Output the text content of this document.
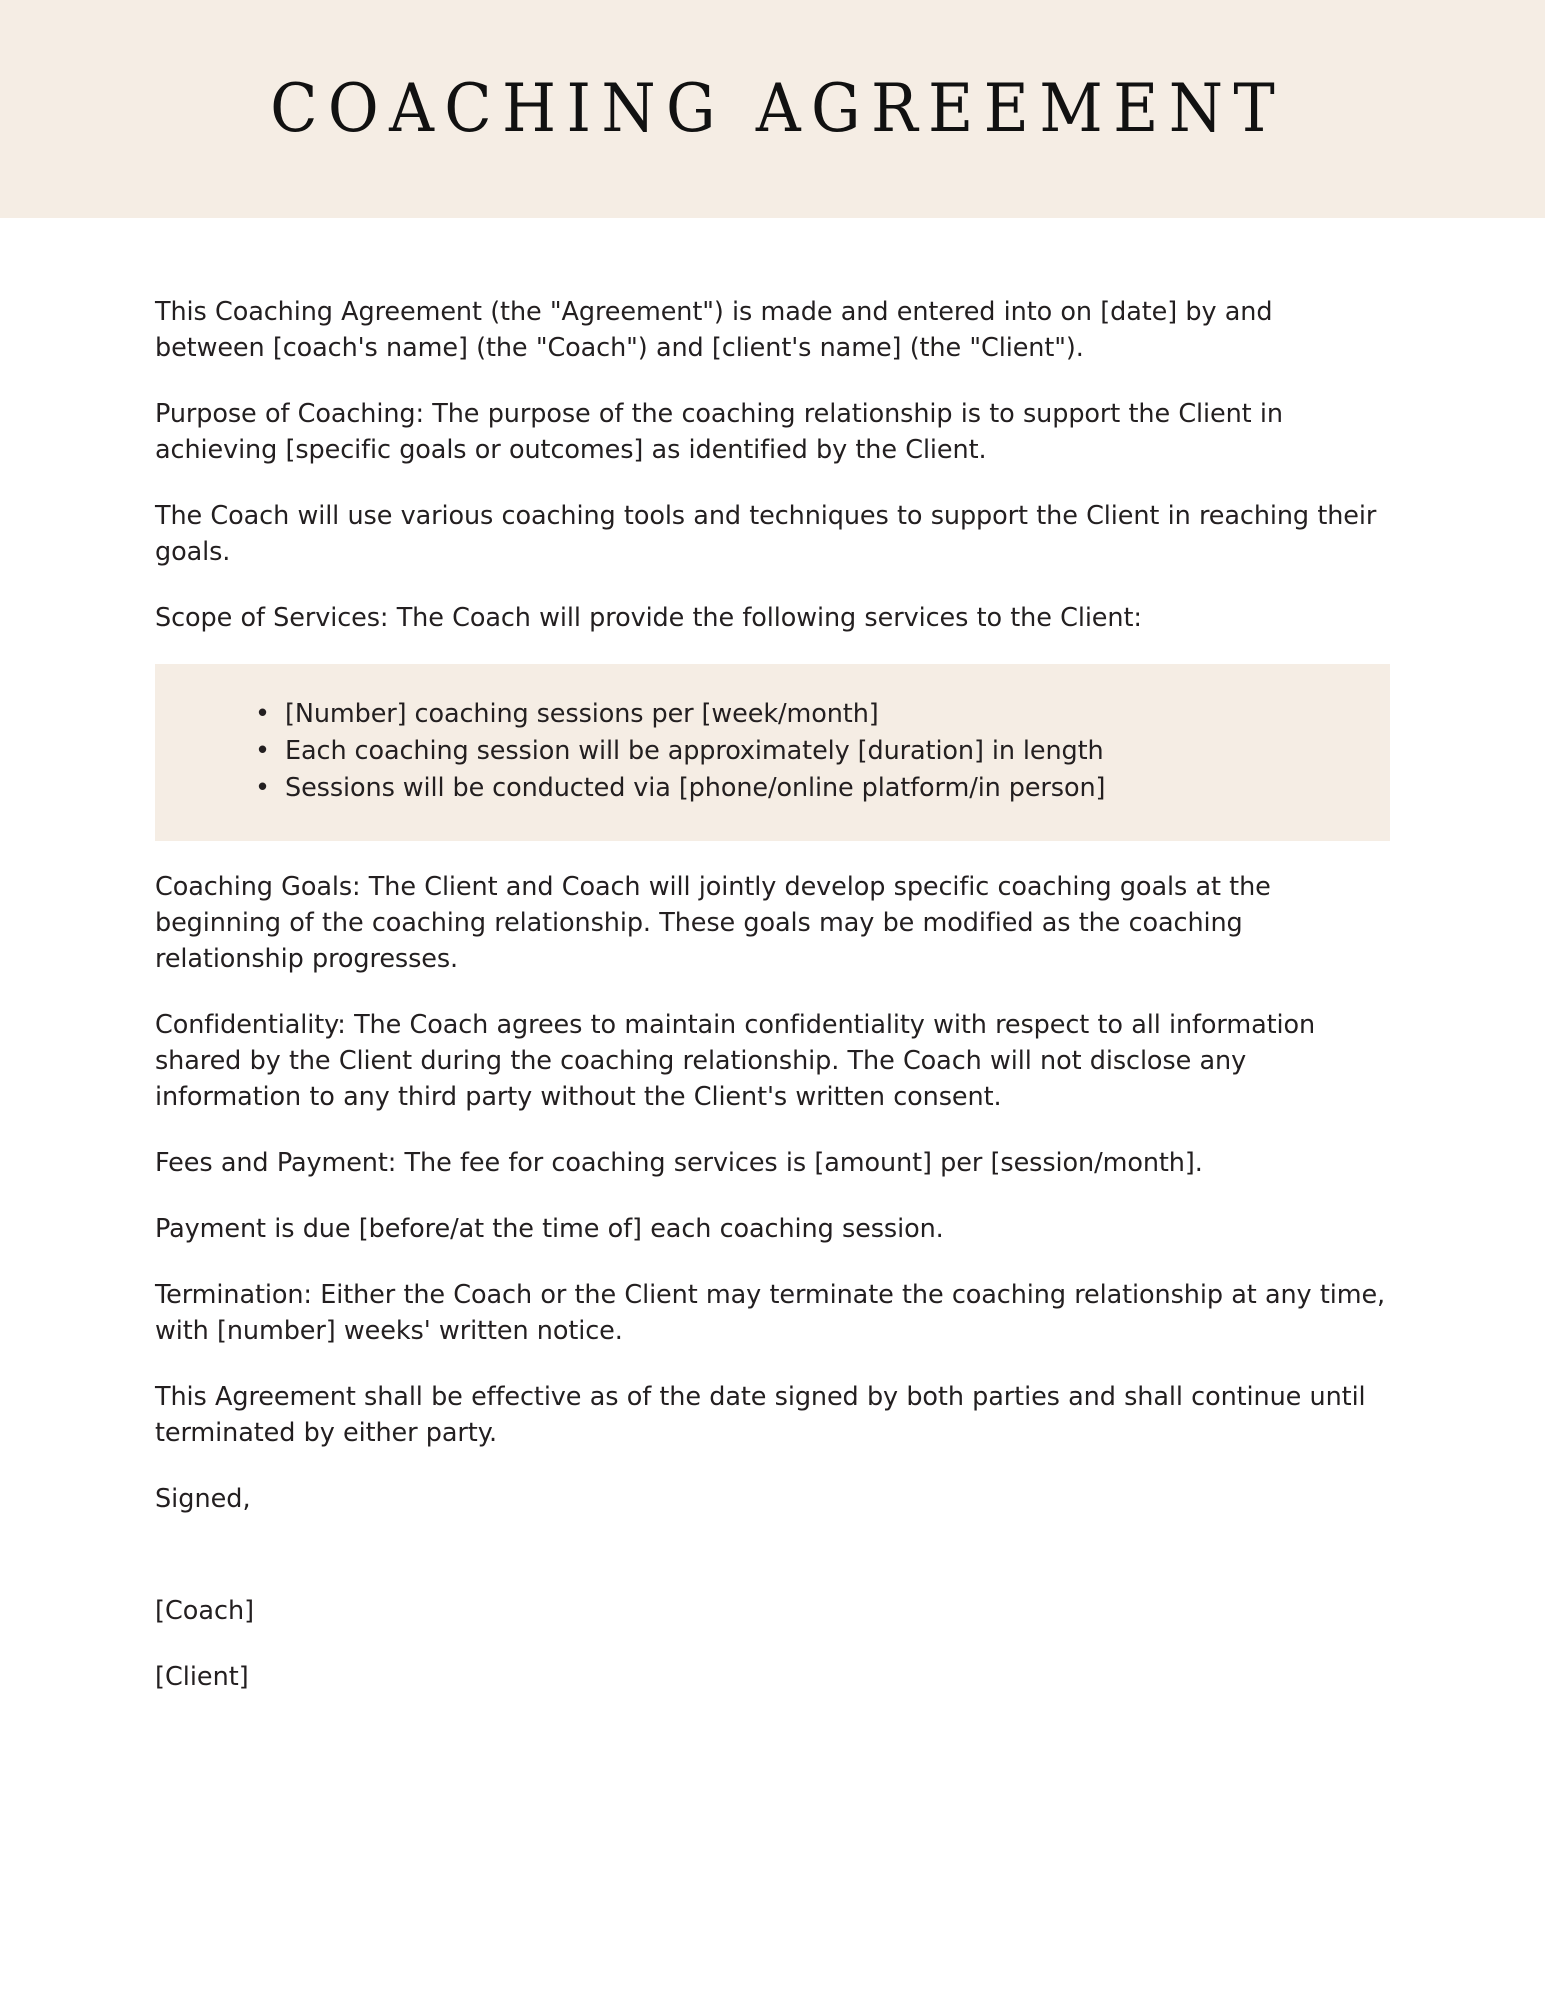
COACHING AGREEMENT

This Coaching Agreement (the "Agreement") is made and entered into on [date] by and between [coach's name] (the "Coach") and [client's name] (the "Client").

Purpose of Coaching: The purpose of the coaching relationship is to support the Client in achieving [specific goals or outcomes] as identified by the Client.

The Coach will use various coaching tools and techniques to support the Client in reaching their goals.

Scope of Services: The Coach will provide the following services to the Client:

• [Number] coaching sessions per [week/month]
• Each coaching session will be approximately [duration] in length
• Sessions will be conducted via [phone/online platform/in person]

Coaching Goals: The Client and Coach will jointly develop specific coaching goals at the beginning of the coaching relationship. These goals may be modified as the coaching relationship progresses.

Confidentiality: The Coach agrees to maintain confidentiality with respect to all information shared by the Client during the coaching relationship. The Coach will not disclose any information to any third party without the Client's written consent.

Fees and Payment: The fee for coaching services is [amount] per [session/month].

Payment is due [before/at the time of] each coaching session.

Termination: Either the Coach or the Client may terminate the coaching relationship at any time, with [number] weeks' written notice.

This Agreement shall be effective as of the date signed by both parties and shall continue until terminated by either party.

Signed,

[Coach]

[Client]
